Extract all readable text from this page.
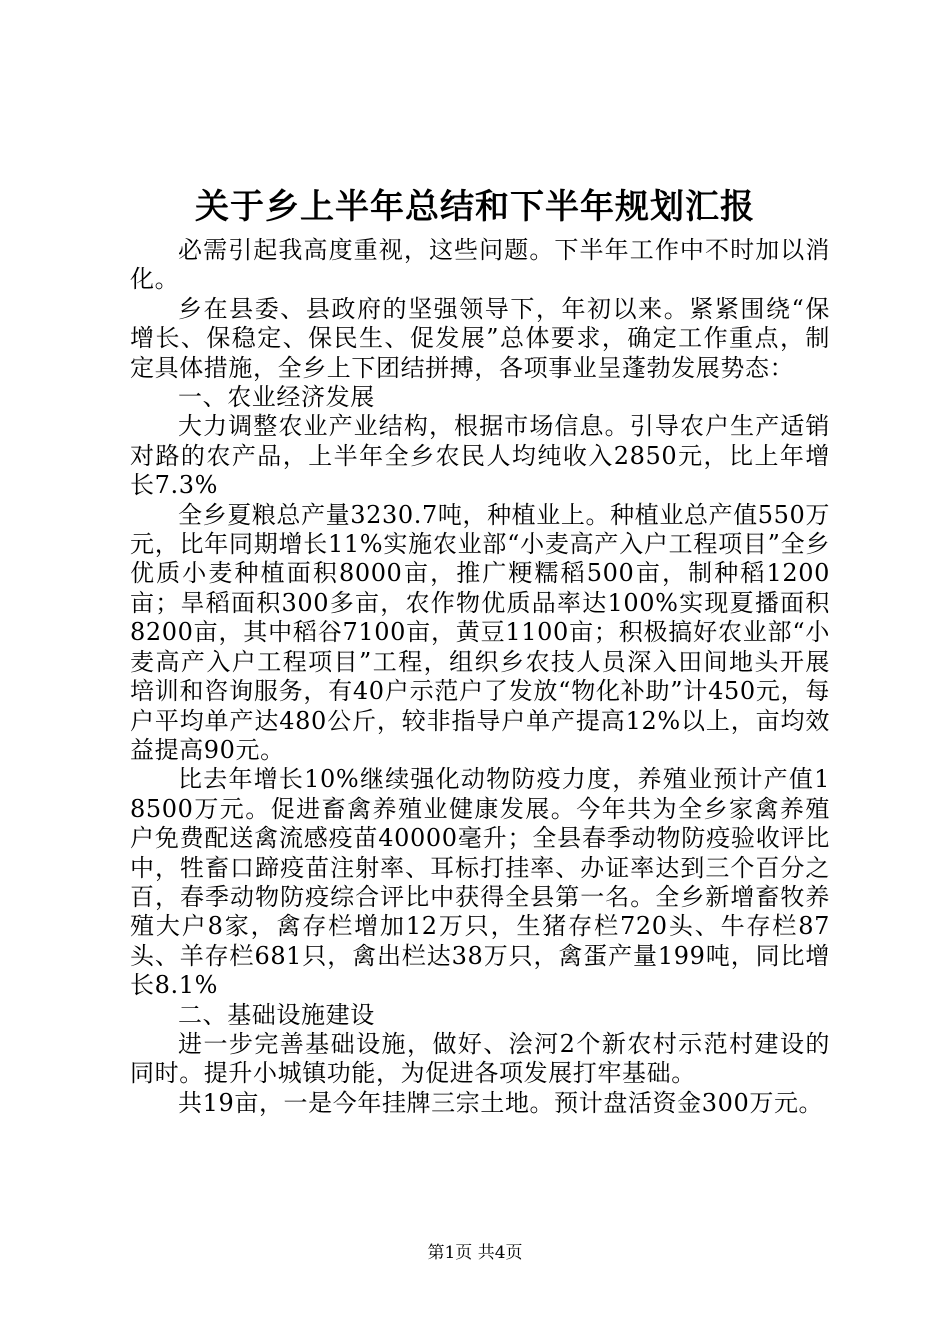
关于乡上半年总结和下半年规划汇报

必需引起我高度重视，这些问题。下半年工作中不时加以消化。

乡在县委、县政府的坚强领导下，年初以来。紧紧围绕“保增长、保稳定、保民生、促发展”总体要求，确定工作重点，制定具体措施，全乡上下团结拼搏，各项事业呈蓬勃发展势态：

一、农业经济发展

大力调整农业产业结构，根据市场信息。引导农户生产适销对路的农产品，上半年全乡农民人均纯收入2850元，比上年增长7.3%

全乡夏粮总产量3230.7吨，种植业上。种植业总产值550万元，比年同期增长11%实施农业部“小麦高产入户工程项目”全乡优质小麦种植面积8000亩，推广粳糯稻500亩，制种稻1200亩；旱稻面积300多亩，农作物优质品率达100%实现夏播面积8200亩，其中稻谷7100亩，黄豆1100亩；积极搞好农业部“小麦高产入户工程项目”工程，组织乡农技人员深入田间地头开展培训和咨询服务，有40户示范户了发放“物化补助”计450元，每户平均单产达480公斤，较非指导户单产提高12%以上，亩均效益提高90元。

比去年增长10%继续强化动物防疫力度，养殖业预计产值18500万元。促进畜禽养殖业健康发展。今年共为全乡家禽养殖户免费配送禽流感疫苗40000毫升；全县春季动物防疫验收评比中，牲畜口蹄疫苗注射率、耳标打挂率、办证率达到三个百分之百，春季动物防疫综合评比中获得全县第一名。全乡新增畜牧养殖大户8家，禽存栏增加12万只，生猪存栏720头、牛存栏87头、羊存栏681只，禽出栏达38万只，禽蛋产量199吨，同比增长8.1%

二、基础设施建设

进一步完善基础设施，做好、浍河2个新农村示范村建设的同时。提升小城镇功能，为促进各项发展打牢基础。

共19亩，一是今年挂牌三宗土地。预计盘活资金300万元。

第1页 共4页
